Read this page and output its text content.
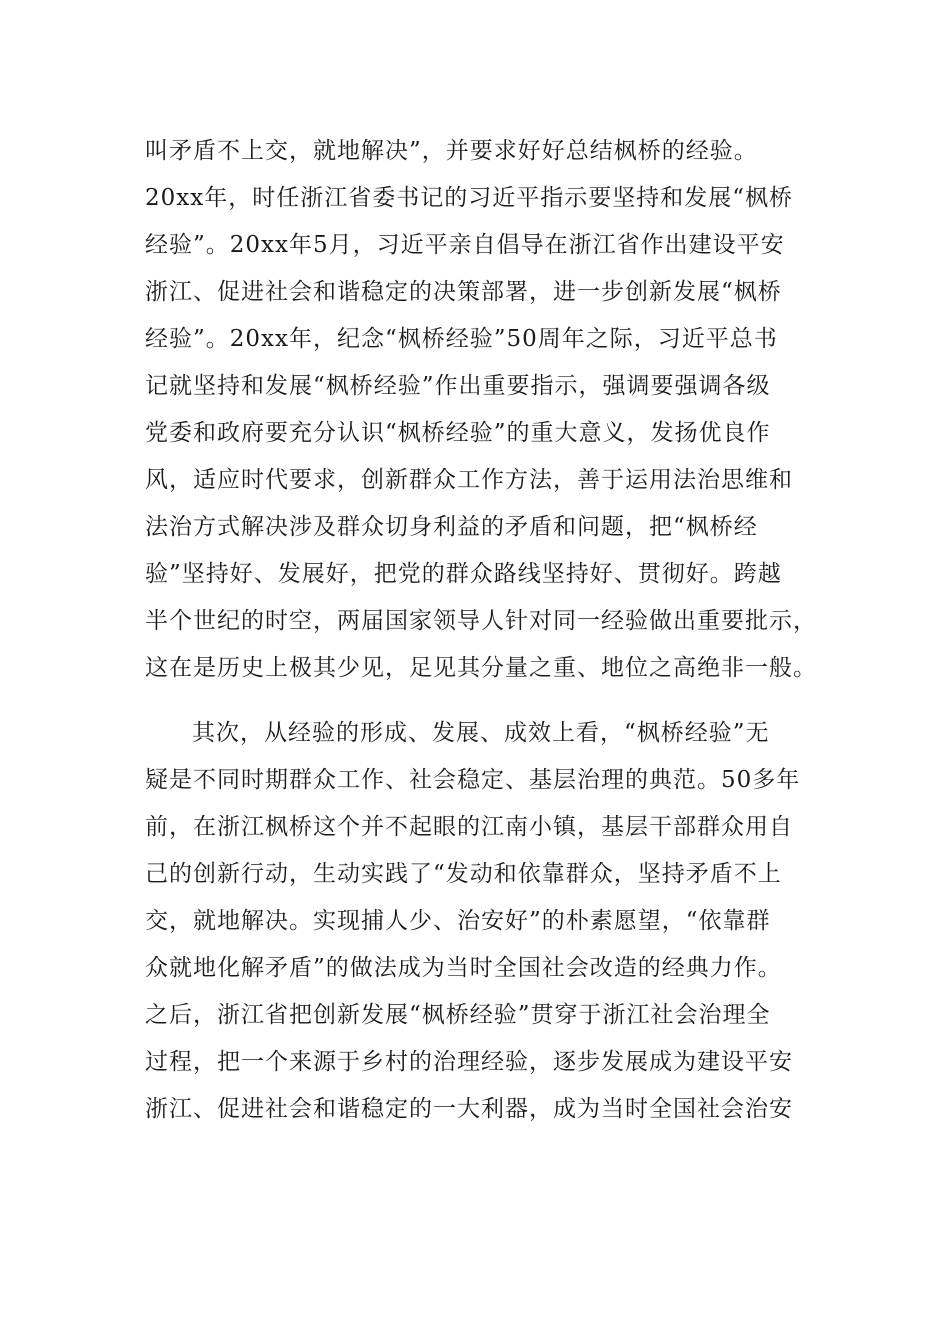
叫矛盾不上交，就地解决”，并要求好好总结枫桥的经验。
20xx年，时任浙江省委书记的习近平指示要坚持和发展“枫桥
经验”。20xx年5月，习近平亲自倡导在浙江省作出建设平安
浙江、促进社会和谐稳定的决策部署，进一步创新发展“枫桥
经验”。20xx年，纪念“枫桥经验”50周年之际，习近平总书
记就坚持和发展“枫桥经验”作出重要指示，强调要强调各级
党委和政府要充分认识“枫桥经验”的重大意义，发扬优良作
风，适应时代要求，创新群众工作方法，善于运用法治思维和
法治方式解决涉及群众切身利益的矛盾和问题，把“枫桥经
验”坚持好、发展好，把党的群众路线坚持好、贯彻好。跨越
半个世纪的时空，两届国家领导人针对同一经验做出重要批示，
这在是历史上极其少见，足见其分量之重、地位之高绝非一般。
其次，从经验的形成、发展、成效上看，“枫桥经验”无
疑是不同时期群众工作、社会稳定、基层治理的典范。50多年
前，在浙江枫桥这个并不起眼的江南小镇，基层干部群众用自
己的创新行动，生动实践了“发动和依靠群众，坚持矛盾不上
交，就地解决。实现捕人少、治安好”的朴素愿望，“依靠群
众就地化解矛盾”的做法成为当时全国社会改造的经典力作。
之后，浙江省把创新发展“枫桥经验”贯穿于浙江社会治理全
过程，把一个来源于乡村的治理经验，逐步发展成为建设平安
浙江、促进社会和谐稳定的一大利器，成为当时全国社会治安
